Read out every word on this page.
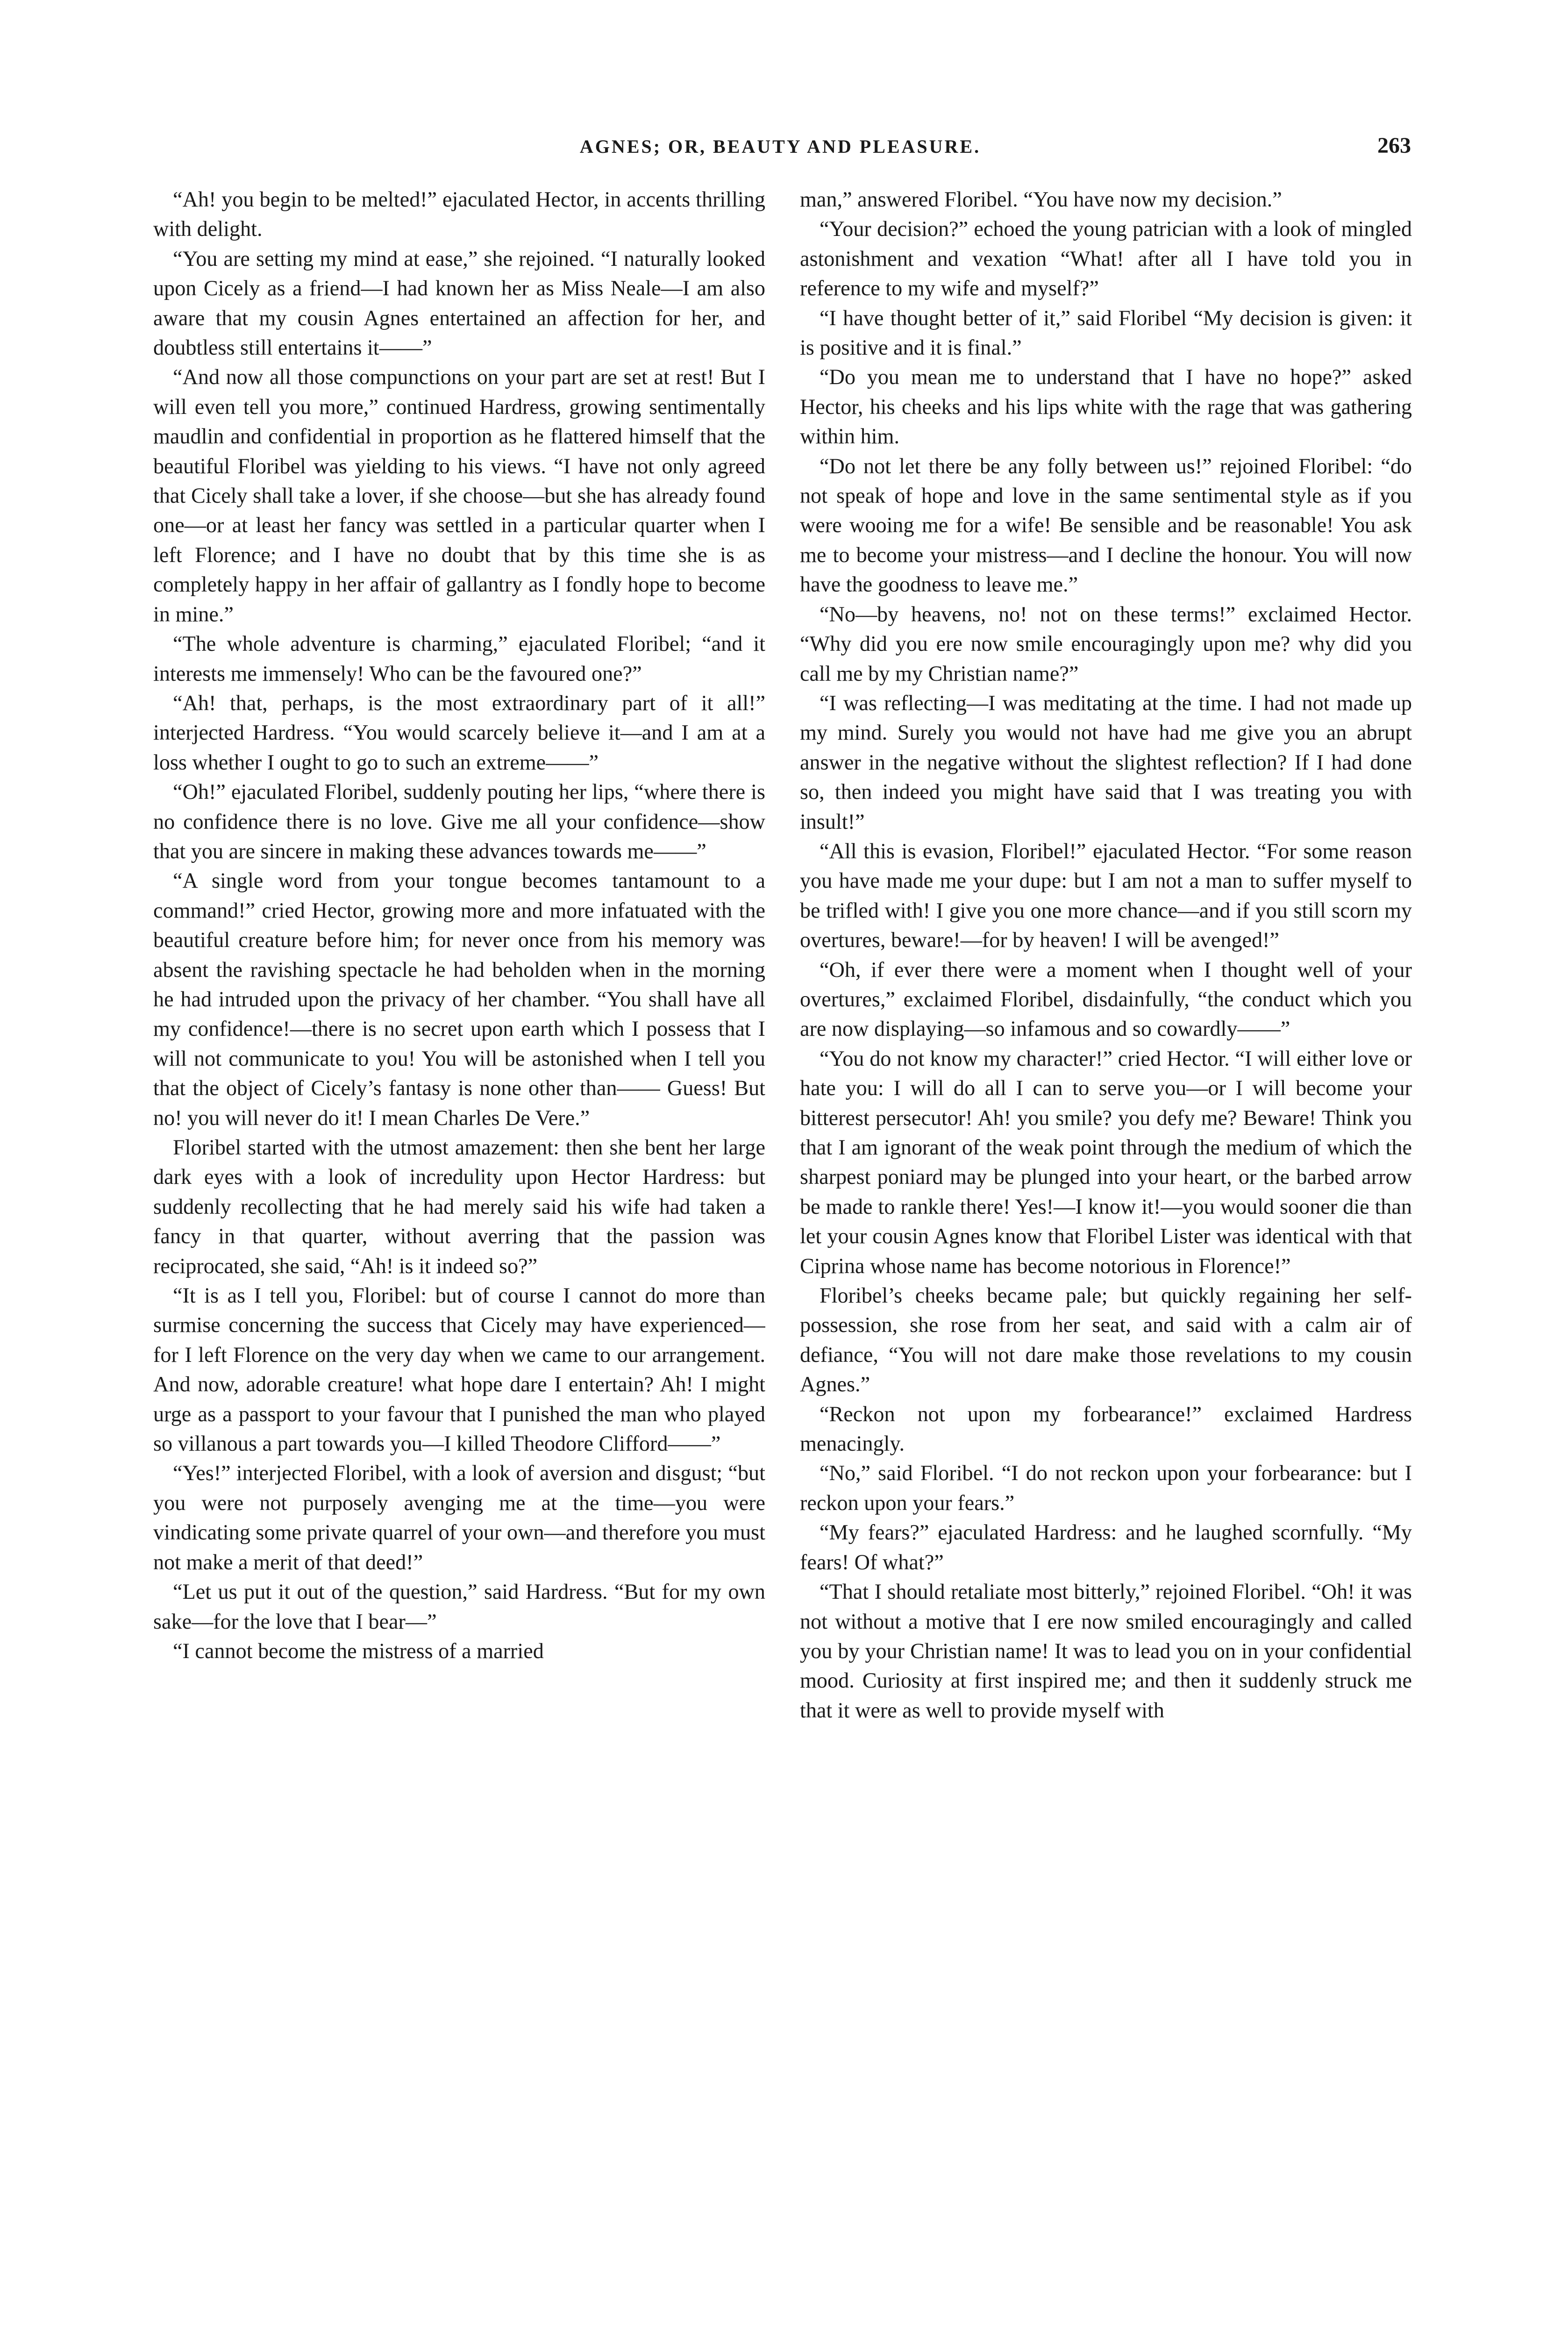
AGNES; OR, BEAUTY AND PLEASURE.	263

“Ah! you begin to be melted!” ejaculated Hector, in accents thrilling with delight.

“You are setting my mind at ease,” she rejoined. “I naturally looked upon Cicely as a friend—I had known her as Miss Neale—I am also aware that my cousin Agnes entertained an affection for her, and doubtless still entertains it——”

“And now all those compunctions on your part are set at rest! But I will even tell you more,” continued Hardress, growing sentimentally maudlin and confidential in proportion as he flattered himself that the beautiful Floribel was yielding to his views. “I have not only agreed that Cicely shall take a lover, if she choose—but she has already found one—or at least her fancy was settled in a particular quarter when I left Florence; and I have no doubt that by this time she is as completely happy in her affair of gallantry as I fondly hope to become in mine.”

“The whole adventure is charming,” ejaculated Floribel; “and it interests me immensely! Who can be the favoured one?”

“Ah! that, perhaps, is the most extraordinary part of it all!” interjected Hardress. “You would scarcely believe it—and I am at a loss whether I ought to go to such an extreme——”

“Oh!” ejaculated Floribel, suddenly pouting her lips, “where there is no confidence there is no love. Give me all your confidence—show that you are sincere in making these advances towards me——”

“A single word from your tongue becomes tantamount to a command!” cried Hector, growing more and more infatuated with the beautiful creature before him; for never once from his memory was absent the ravishing spectacle he had beholden when in the morning he had intruded upon the privacy of her chamber. “You shall have all my confidence!—there is no secret upon earth which I possess that I will not communicate to you! You will be astonished when I tell you that the object of Cicely’s fantasy is none other than—— Guess! But no! you will never do it! I mean Charles De Vere.”

Floribel started with the utmost amazement: then she bent her large dark eyes with a look of incredulity upon Hector Hardress: but suddenly recollecting that he had merely said his wife had taken a fancy in that quarter, without averring that the passion was reciprocated, she said, “Ah! is it indeed so?”

“It is as I tell you, Floribel: but of course I cannot do more than surmise concerning the success that Cicely may have experienced—for I left Florence on the very day when we came to our arrangement. And now, adorable creature! what hope dare I entertain? Ah! I might urge as a passport to your favour that I punished the man who played so villanous a part towards you—I killed Theodore Clifford——”

“Yes!” interjected Floribel, with a look of aversion and disgust; “but you were not purposely avenging me at the time—you were vindicating some private quarrel of your own—and therefore you must not make a merit of that deed!”

“Let us put it out of the question,” said Hardress. “But for my own sake—for the love that I bear—”

“I cannot become the mistress of a married

man,” answered Floribel. “You have now my decision.”

“Your decision?” echoed the young patrician with a look of mingled astonishment and vexation “What! after all I have told you in reference to my wife and myself?”

“I have thought better of it,” said Floribel “My decision is given: it is positive and it is final.”

“Do you mean me to understand that I have no hope?” asked Hector, his cheeks and his lips white with the rage that was gathering within him.

“Do not let there be any folly between us!” rejoined Floribel: “do not speak of hope and love in the same sentimental style as if you were wooing me for a wife! Be sensible and be reasonable! You ask me to become your mistress—and I decline the honour. You will now have the goodness to leave me.”

“No—by heavens, no! not on these terms!” exclaimed Hector. “Why did you ere now smile encouragingly upon me? why did you call me by my Christian name?”

“I was reflecting—I was meditating at the time. I had not made up my mind. Surely you would not have had me give you an abrupt answer in the negative without the slightest reflection? If I had done so, then indeed you might have said that I was treating you with insult!”

“All this is evasion, Floribel!” ejaculated Hector. “For some reason you have made me your dupe: but I am not a man to suffer myself to be trifled with! I give you one more chance—and if you still scorn my overtures, beware!—for by heaven! I will be avenged!”

“Oh, if ever there were a moment when I thought well of your overtures,” exclaimed Floribel, disdainfully, “the conduct which you are now displaying—so infamous and so cowardly——”

“You do not know my character!” cried Hector. “I will either love or hate you: I will do all I can to serve you—or I will become your bitterest persecutor! Ah! you smile? you defy me? Beware! Think you that I am ignorant of the weak point through the medium of which the sharpest poniard may be plunged into your heart, or the barbed arrow be made to rankle there! Yes!—I know it!—you would sooner die than let your cousin Agnes know that Floribel Lister was identical with that Ciprina whose name has become notorious in Florence!”

Floribel’s cheeks became pale; but quickly regaining her self-possession, she rose from her seat, and said with a calm air of defiance, “You will not dare make those revelations to my cousin Agnes.”

“Reckon not upon my forbearance!” exclaimed Hardress menacingly.

“No,” said Floribel. “I do not reckon upon your forbearance: but I reckon upon your fears.”

“My fears?” ejaculated Hardress: and he laughed scornfully. “My fears! Of what?”

“That I should retaliate most bitterly,” rejoined Floribel. “Oh! it was not without a motive that I ere now smiled encouragingly and called you by your Christian name! It was to lead you on in your confidential mood. Curiosity at first inspired me; and then it suddenly struck me that it were as well to provide myself with
